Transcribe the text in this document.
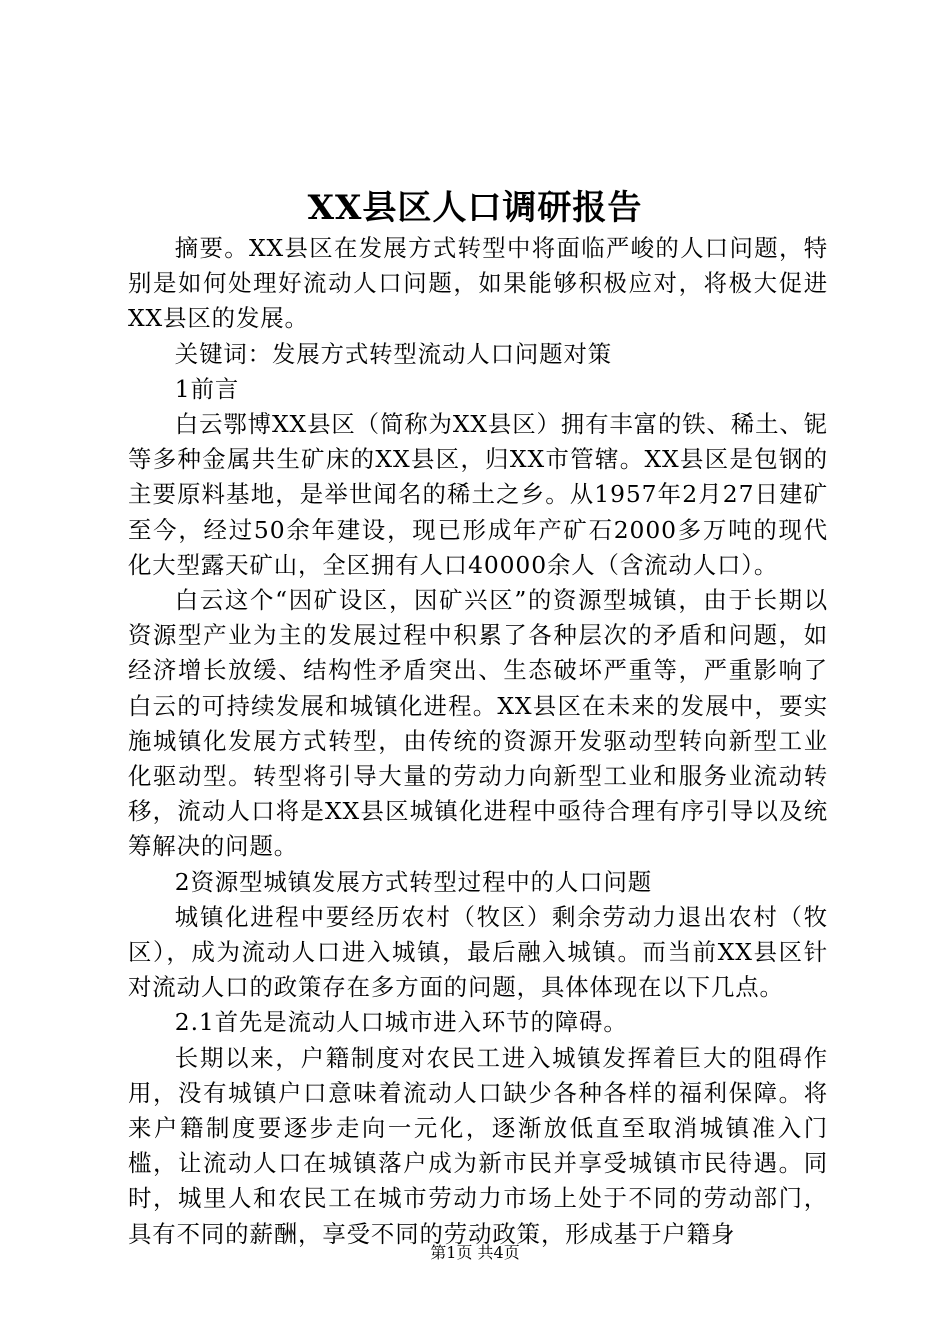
XX县区人口调研报告

摘要。XX县区在发展方式转型中将面临严峻的人口问题，特别是如何处理好流动人口问题，如果能够积极应对，将极大促进XX县区的发展。

关键词：发展方式转型流动人口问题对策

1前言

白云鄂博XX县区（简称为XX县区）拥有丰富的铁、稀土、铌等多种金属共生矿床的XX县区，归XX市管辖。XX县区是包钢的主要原料基地，是举世闻名的稀土之乡。从1957年2月27日建矿至今，经过50余年建设，现已形成年产矿石2000多万吨的现代化大型露天矿山，全区拥有人口40000余人（含流动人口）。

白云这个“因矿设区，因矿兴区”的资源型城镇，由于长期以资源型产业为主的发展过程中积累了各种层次的矛盾和问题，如经济增长放缓、结构性矛盾突出、生态破坏严重等，严重影响了白云的可持续发展和城镇化进程。XX县区在未来的发展中，要实施城镇化发展方式转型，由传统的资源开发驱动型转向新型工业化驱动型。转型将引导大量的劳动力向新型工业和服务业流动转移，流动人口将是XX县区城镇化进程中亟待合理有序引导以及统筹解决的问题。

2资源型城镇发展方式转型过程中的人口问题

城镇化进程中要经历农村（牧区）剩余劳动力退出农村（牧区），成为流动人口进入城镇，最后融入城镇。而当前XX县区针对流动人口的政策存在多方面的问题，具体体现在以下几点。

2.1首先是流动人口城市进入环节的障碍。

长期以来，户籍制度对农民工进入城镇发挥着巨大的阻碍作用，没有城镇户口意味着流动人口缺少各种各样的福利保障。将来户籍制度要逐步走向一元化，逐渐放低直至取消城镇准入门槛，让流动人口在城镇落户成为新市民并享受城镇市民待遇。同时，城里人和农民工在城市劳动力市场上处于不同的劳动部门，具有不同的薪酬，享受不同的劳动政策，形成基于户籍身

第1页 共4页
